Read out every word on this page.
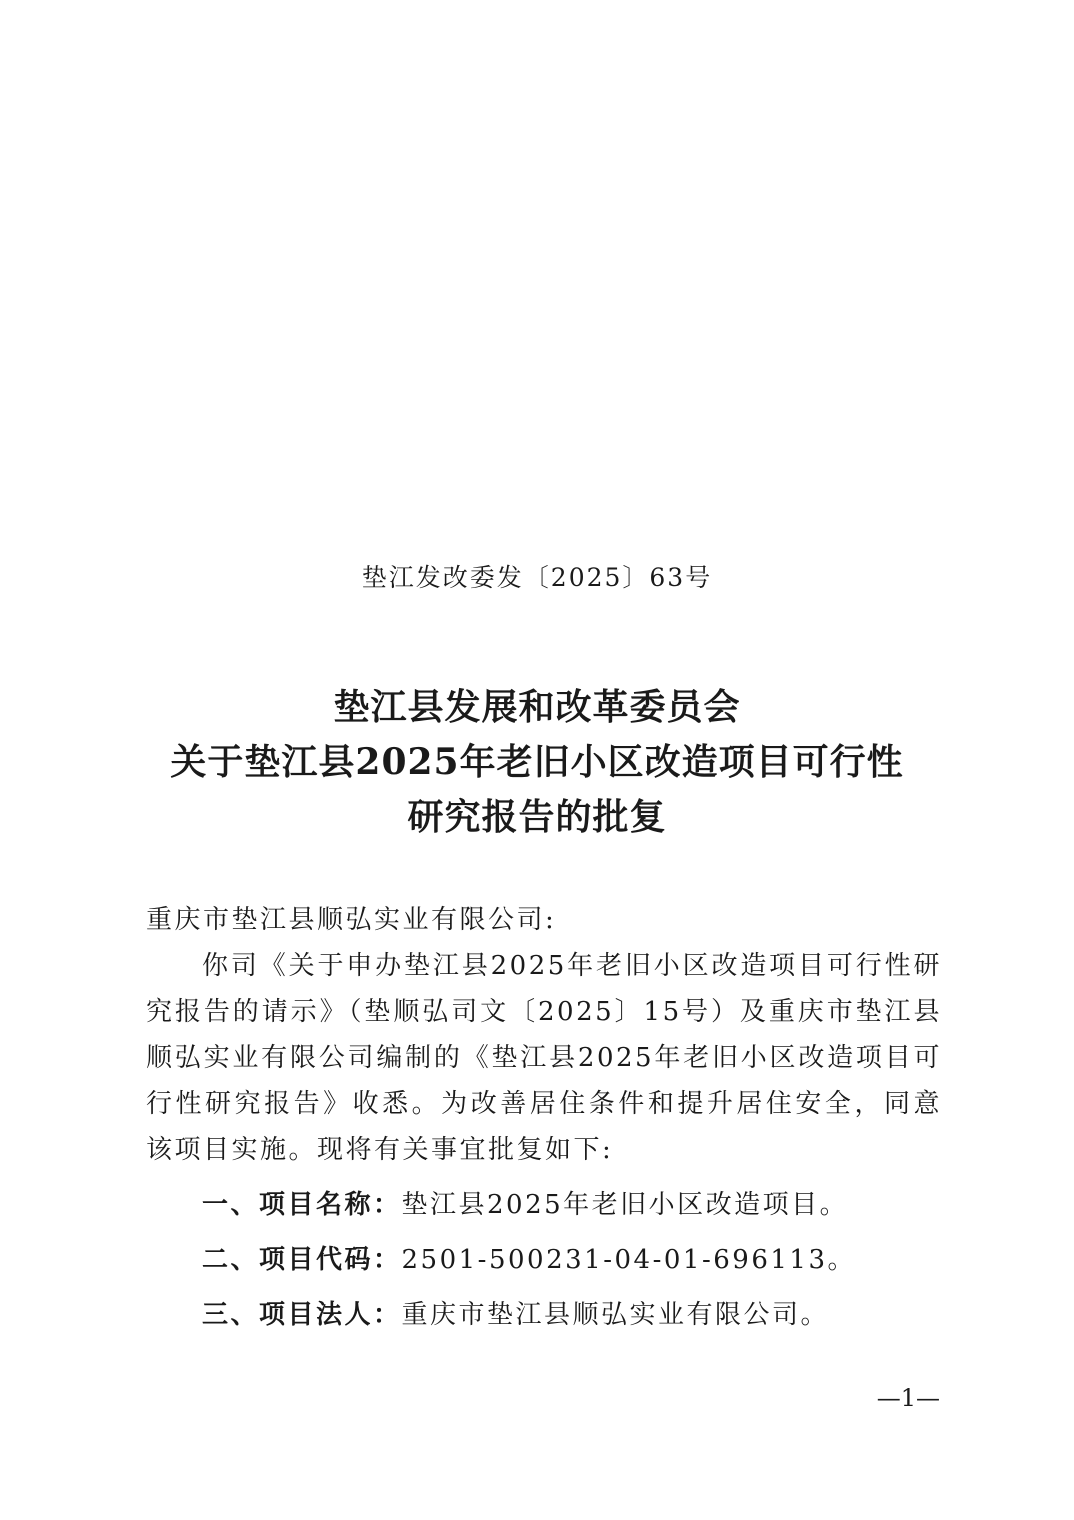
垫江发改委发〔2025〕63号
垫江县发展和改革委员会
关于垫江县2025年老旧小区改造项目可行性
研究报告的批复
重庆市垫江县顺弘实业有限公司:
你司《关于申办垫江县2025年老旧小区改造项目可行性研究报告的请示》（垫顺弘司文〔2025〕15号）及重庆市垫江县顺弘实业有限公司编制的《垫江县2025年老旧小区改造项目可行性研究报告》收悉。为改善居住条件和提升居住安全，同意该项目实施。现将有关事宜批复如下:
一、项目名称：垫江县2025年老旧小区改造项目。
二、项目代码：2501-500231-04-01-696113。
三、项目法人：重庆市垫江县顺弘实业有限公司。
—1—
